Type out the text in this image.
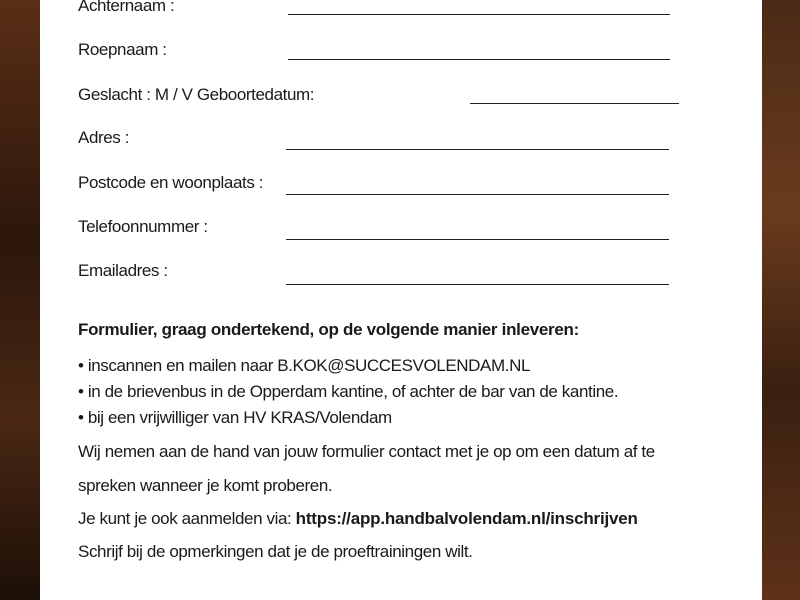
Achternaam :
Roepnaam :
Geslacht : M / V Geboortedatum:
Adres :
Postcode en woonplaats :
Telefoonnummer :
Emailadres :
Formulier, graag ondertekend, op de volgende manier inleveren:
• inscannen en mailen naar B.KOK@SUCCESVOLENDAM.NL
• in de brievenbus in de Opperdam kantine, of achter de bar van de kantine.
• bij een vrijwilliger van HV KRAS/Volendam
Wij nemen aan de hand van jouw formulier contact met je op om een datum af te
spreken wanneer je komt proberen.
Je kunt je ook aanmelden via: https://app.handbalvolendam.nl/inschrijven
Schrijf bij de opmerkingen dat je de proeftrainingen wilt.
